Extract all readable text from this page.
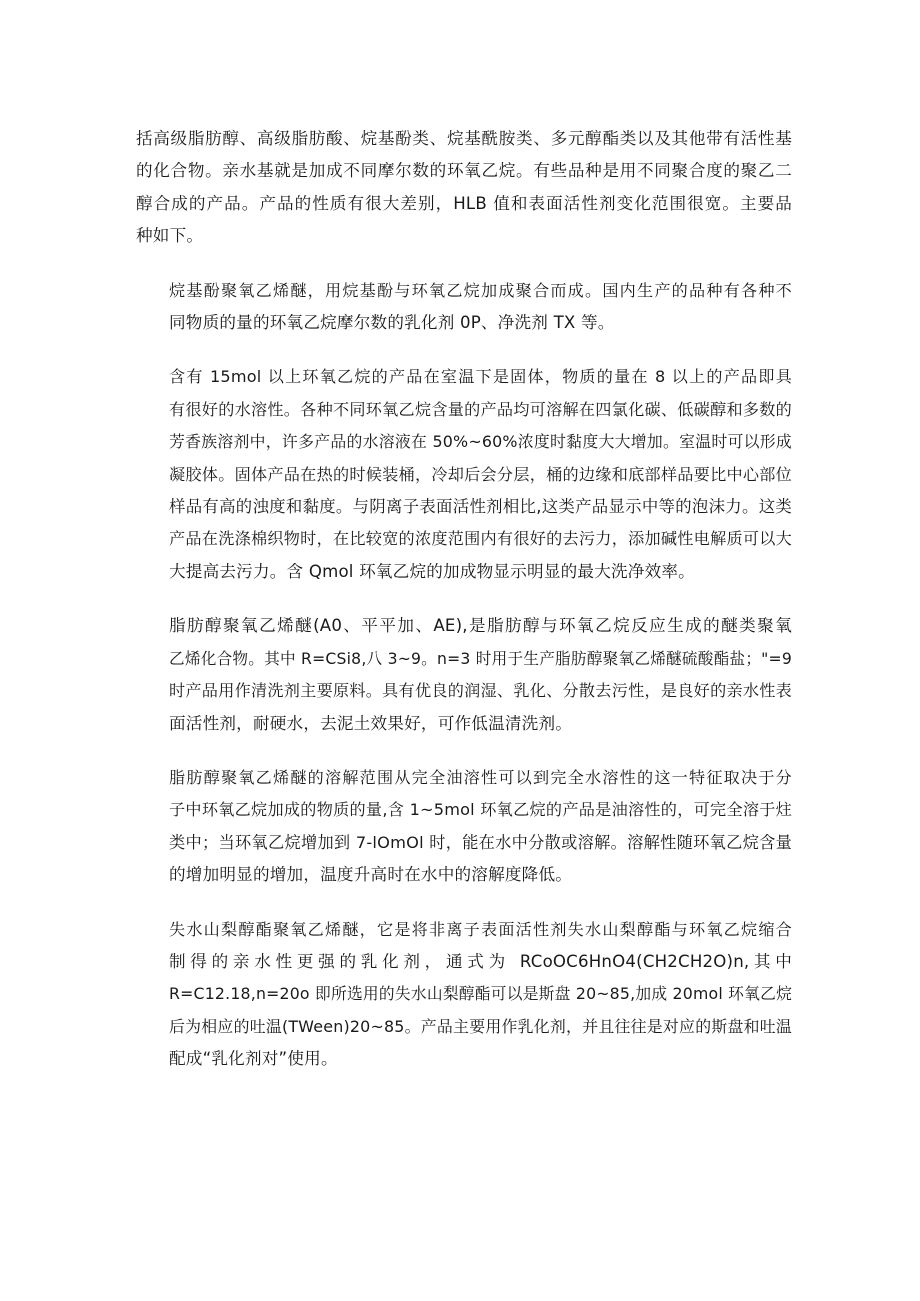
括高级脂肪醇、高级脂肪酸、烷基酚类、烷基酰胺类、多元醇酯类以及其他带有活性基
的化合物。亲水基就是加成不同摩尔数的环氧乙烷。有些品种是用不同聚合度的聚乙二
醇合成的产品。产品的性质有很大差别，HLB 值和表面活性剂变化范围很宽。主要品
种如下。
烷基酚聚氧乙烯醚，用烷基酚与环氧乙烷加成聚合而成。国内生产的品种有各种不
同物质的量的环氧乙烷摩尔数的乳化剂 0P、净洗剂 TX 等。
含有 15mol 以上环氧乙烷的产品在室温下是固体，物质的量在 8 以上的产品即具
有很好的水溶性。各种不同环氧乙烷含量的产品均可溶解在四氯化碳、低碳醇和多数的
芳香族溶剂中，许多产品的水溶液在 50%~60%浓度时黏度大大增加。室温时可以形成
凝胶体。固体产品在热的时候装桶，冷却后会分层，桶的边缘和底部样品要比中心部位
样品有高的浊度和黏度。与阴离子表面活性剂相比,这类产品显示中等的泡沫力。这类
产品在洗涤棉织物时，在比较宽的浓度范围内有很好的去污力，添加碱性电解质可以大
大提高去污力。含 Qmol 环氧乙烷的加成物显示明显的最大洗净效率。
脂肪醇聚氧乙烯醚(A0、平平加、AE),是脂肪醇与环氧乙烷反应生成的醚类聚氧
乙烯化合物。其中 R=CSi8,八 3~9。n=3 时用于生产脂肪醇聚氧乙烯醚硫酸酯盐；"=9
时产品用作清洗剂主要原料。具有优良的润湿、乳化、分散去污性，是良好的亲水性表
面活性剂，耐硬水，去泥土效果好，可作低温清洗剂。
脂肪醇聚氧乙烯醚的溶解范围从完全油溶性可以到完全水溶性的这一特征取决于分
子中环氧乙烷加成的物质的量,含 1~5mol 环氧乙烷的产品是油溶性的，可完全溶于炷
类中；当环氧乙烷增加到 7-lOmOl 时，能在水中分散或溶解。溶解性随环氧乙烷含量
的增加明显的增加，温度升高时在水中的溶解度降低。
失水山梨醇酯聚氧乙烯醚，它是将非离子表面活性剂失水山梨醇酯与环氧乙烷缩合
制得的亲水性更强的乳化剂，通式为 RCoOC6HnO4(CH2CH2O)n,其中
R=C12.18,n=20o 即所选用的失水山梨醇酯可以是斯盘 20~85,加成 20mol 环氧乙烷
后为相应的吐温(TWeen)20~85。产品主要用作乳化剂，并且往往是对应的斯盘和吐温
配成“乳化剂对”使用。
